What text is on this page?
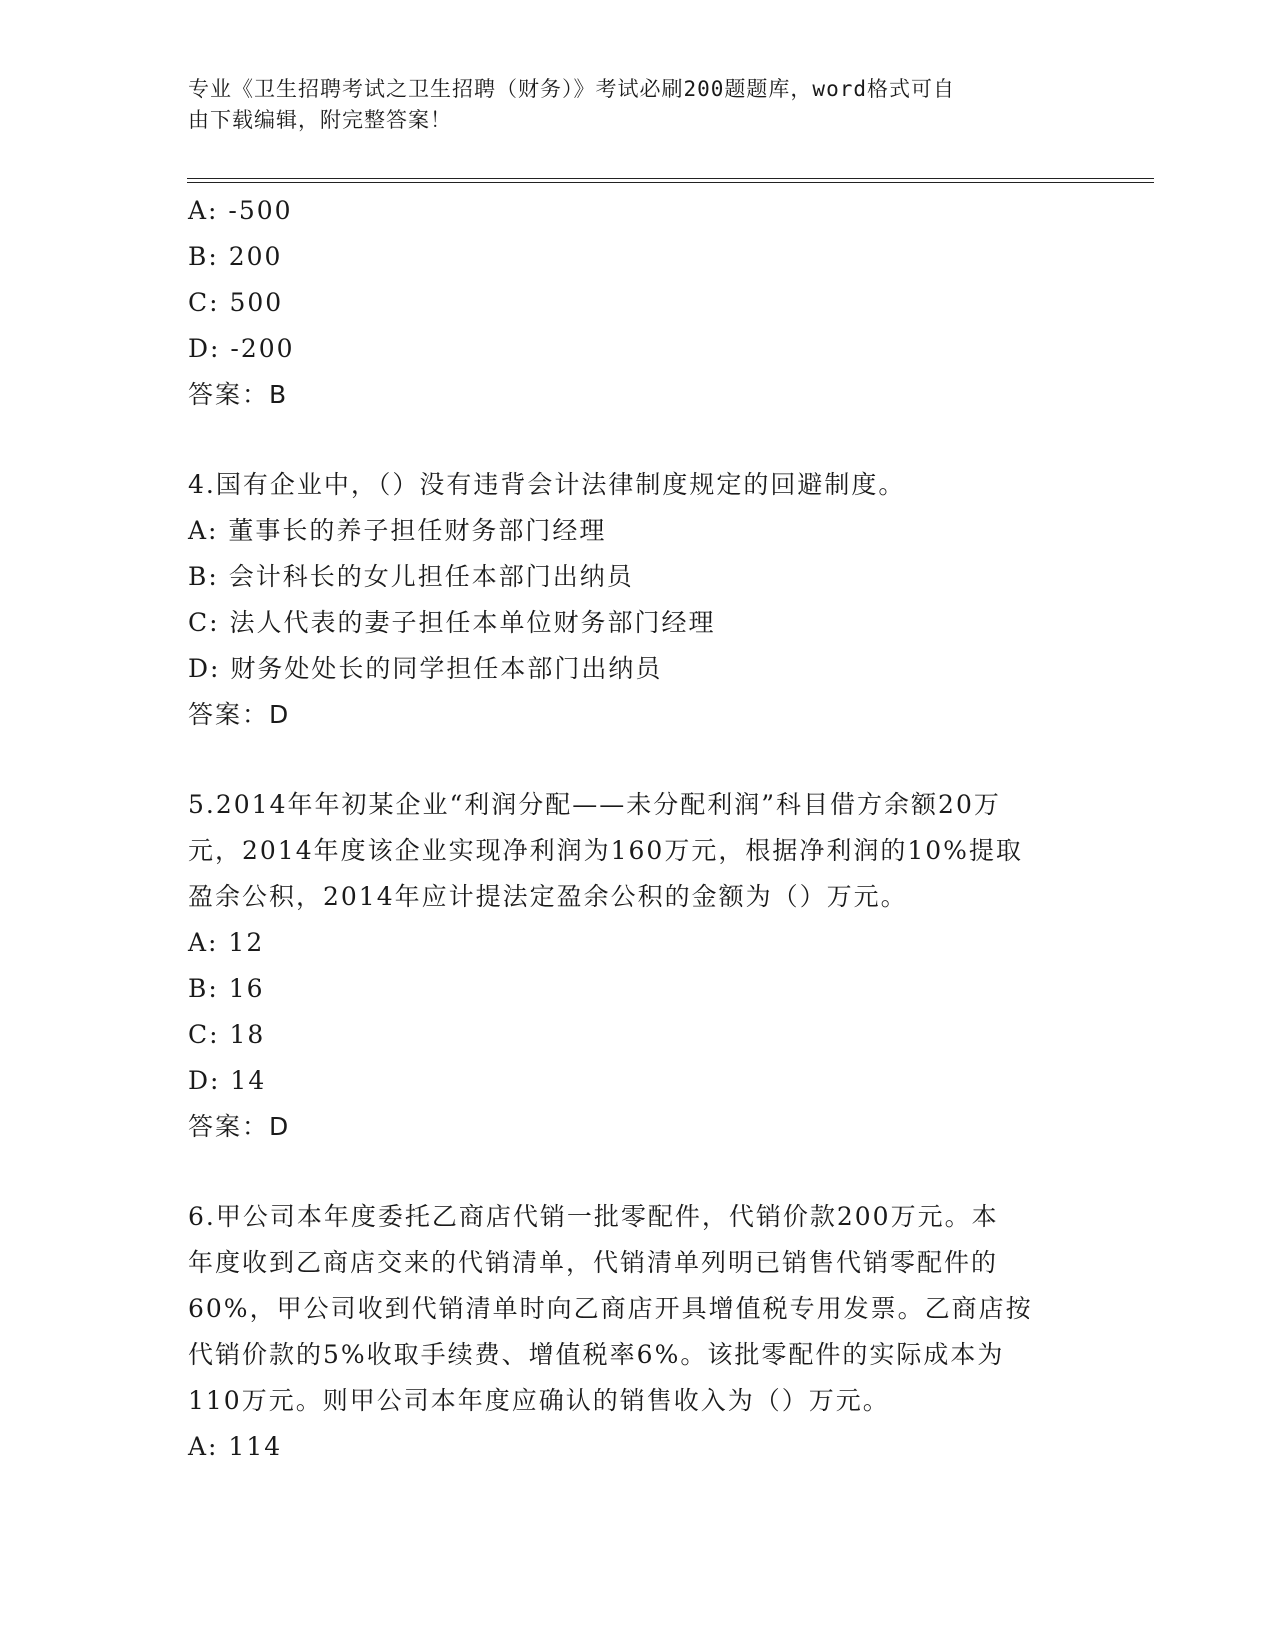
专业《卫生招聘考试之卫生招聘（财务）》考试必刷200题题库，word格式可自
由下载编辑，附完整答案！
A: -500
B: 200
C: 500
D: -200
答案：B
4.国有企业中，（）没有违背会计法律制度规定的回避制度。
A: 董事长的养子担任财务部门经理
B: 会计科长的女儿担任本部门出纳员
C: 法人代表的妻子担任本单位财务部门经理
D: 财务处处长的同学担任本部门出纳员
答案：D
5.2014年年初某企业“利润分配——未分配利润”科目借方余额20万
元，2014年度该企业实现净利润为160万元，根据净利润的10%提取
盈余公积，2014年应计提法定盈余公积的金额为（）万元。
A: 12
B: 16
C: 18
D: 14
答案：D
6.甲公司本年度委托乙商店代销一批零配件，代销价款200万元。本
年度收到乙商店交来的代销清单，代销清单列明已销售代销零配件的
60%，甲公司收到代销清单时向乙商店开具增值税专用发票。乙商店按
代销价款的5%收取手续费、增值税率6%。该批零配件的实际成本为
110万元。则甲公司本年度应确认的销售收入为（）万元。
A: 114
